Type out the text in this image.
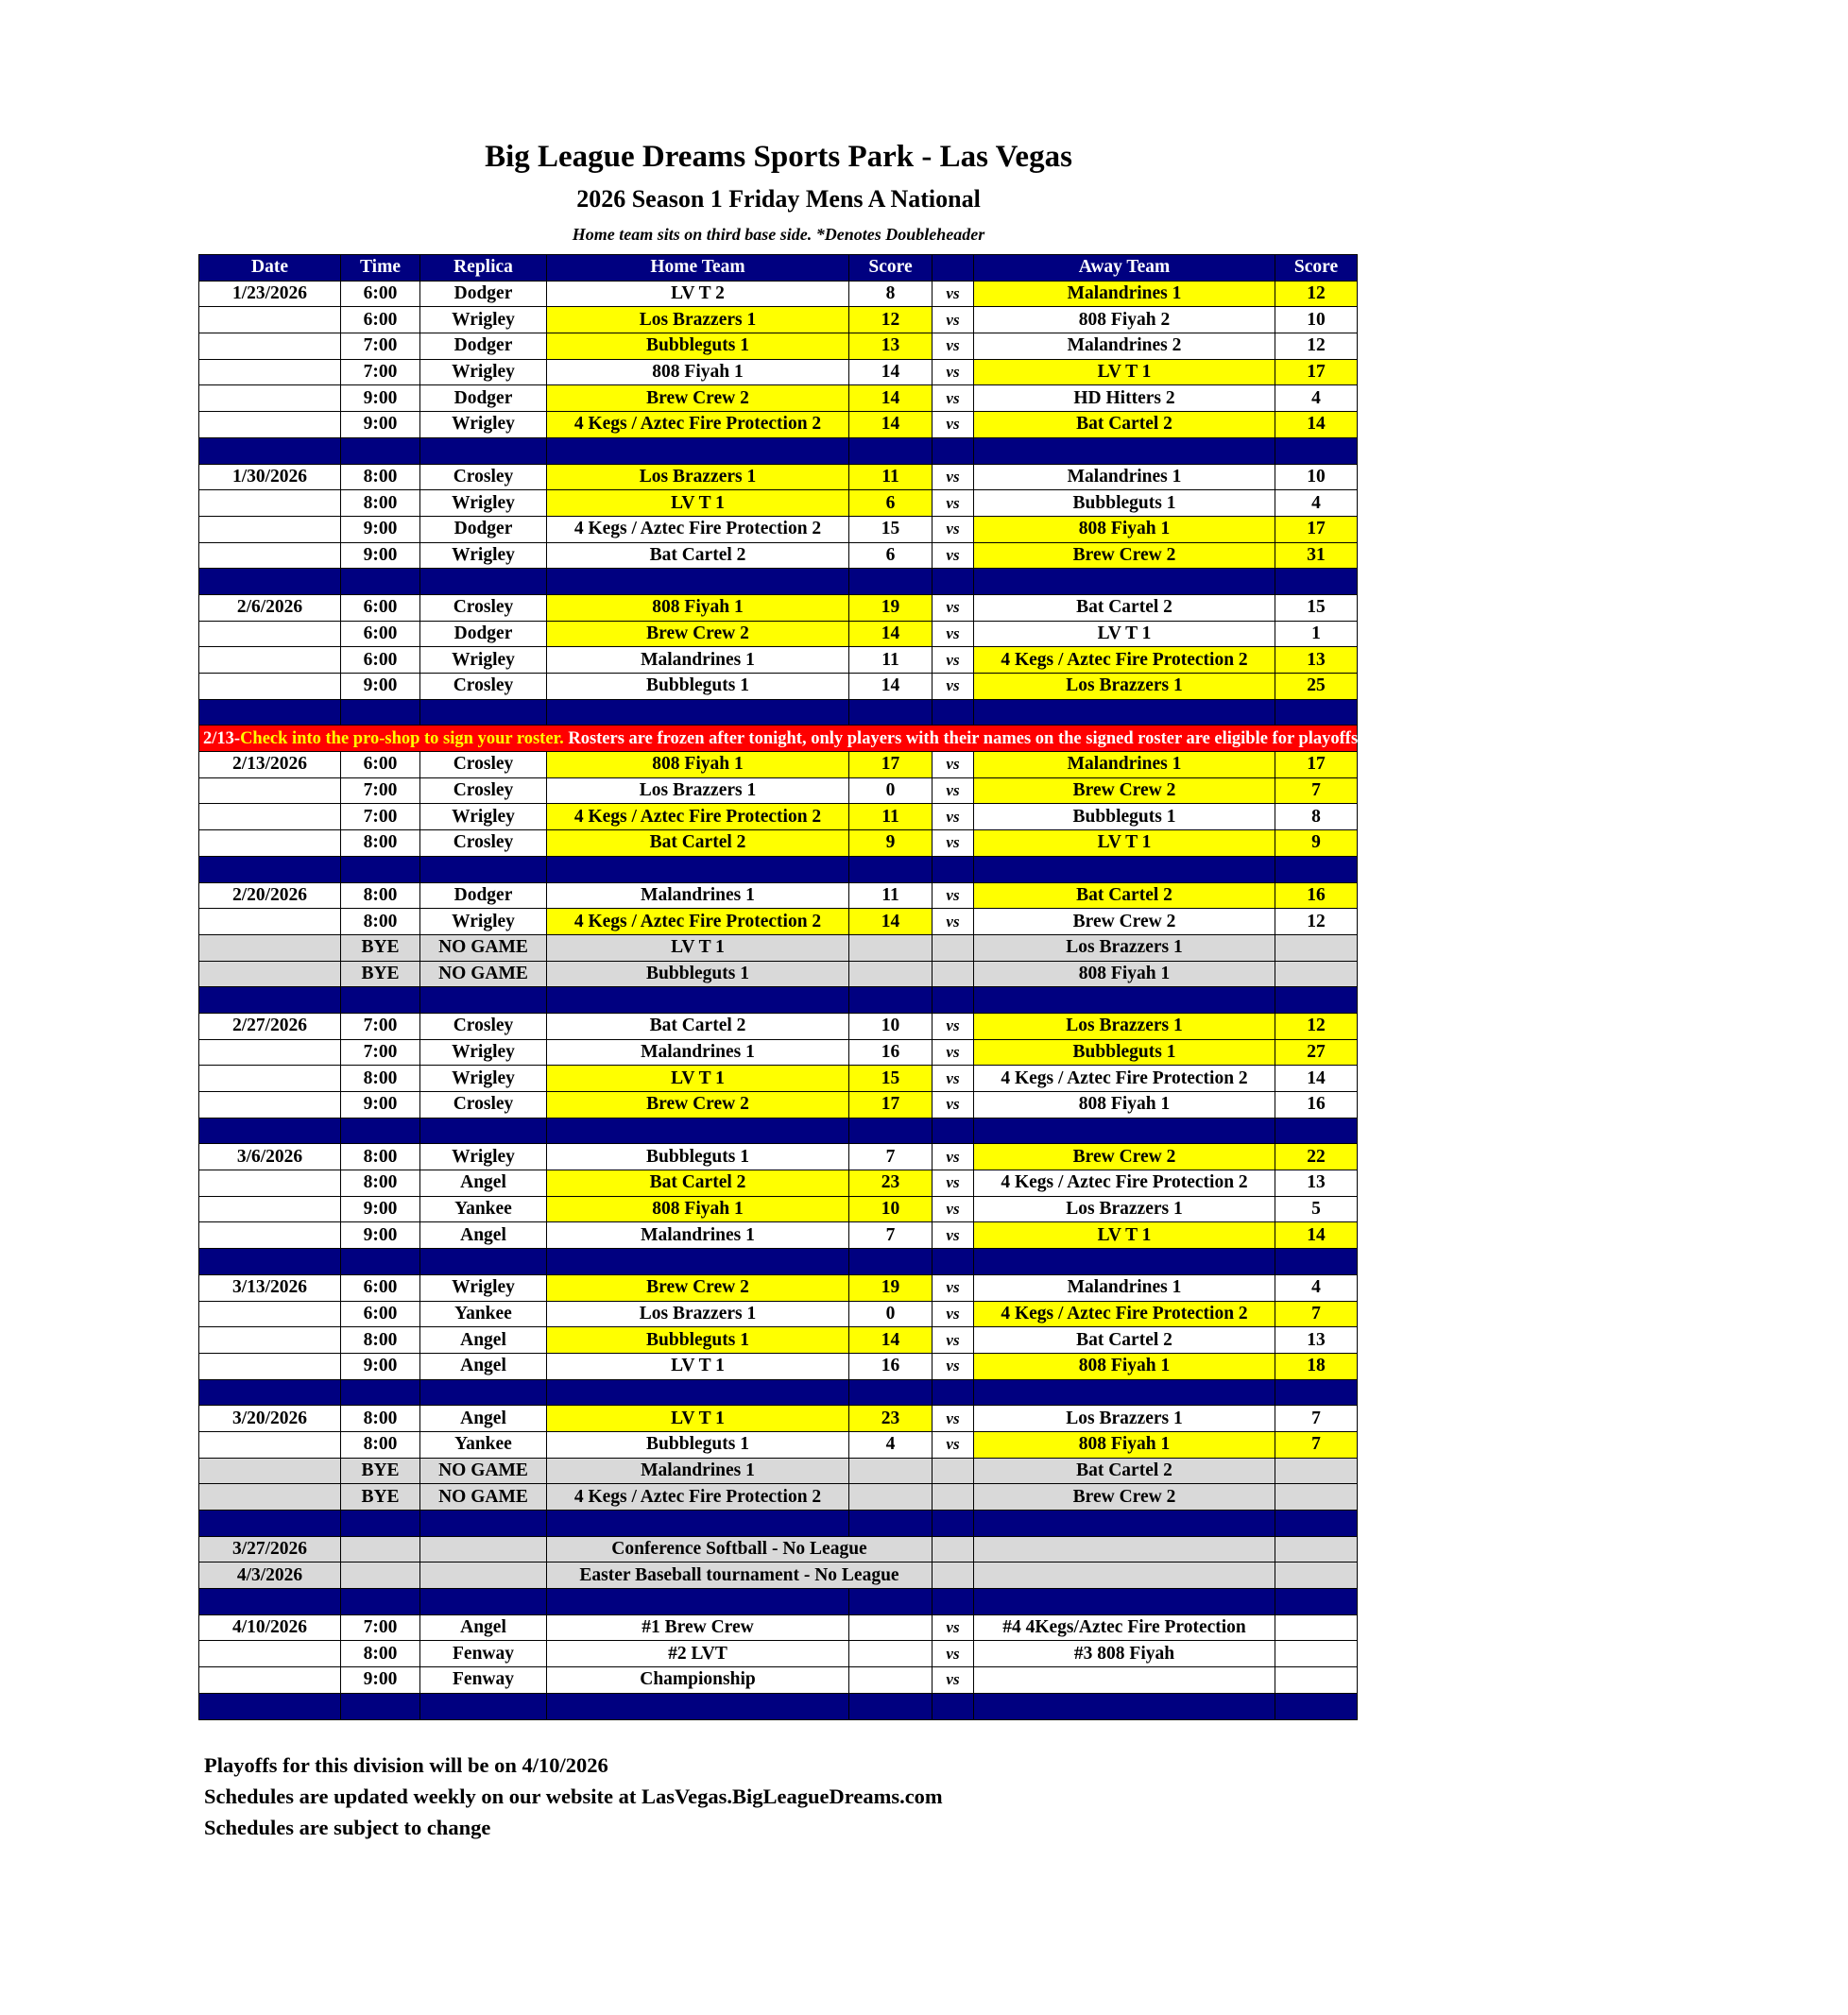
Big League Dreams Sports Park - Las Vegas
2026 Season 1 Friday Mens A National
Home team sits on third base side. *Denotes Doubleheader
Date	Time	Replica	Home Team	Score		Away Team	Score
1/23/2026	6:00	Dodger	LV T 2	8	vs	Malandrines 1	12
	6:00	Wrigley	Los Brazzers 1	12	vs	808 Fiyah 2	10
	7:00	Dodger	Bubbleguts 1	13	vs	Malandrines 2	12
	7:00	Wrigley	808 Fiyah 1	14	vs	LV T 1	17
	9:00	Dodger	Brew Crew 2	14	vs	HD Hitters 2	4
	9:00	Wrigley	4 Kegs / Aztec Fire Protection 2	14	vs	Bat Cartel 2	14

1/30/2026	8:00	Crosley	Los Brazzers 1	11	vs	Malandrines 1	10
	8:00	Wrigley	LV T 1	6	vs	Bubbleguts 1	4
	9:00	Dodger	4 Kegs / Aztec Fire Protection 2	15	vs	808 Fiyah 1	17
	9:00	Wrigley	Bat Cartel 2	6	vs	Brew Crew 2	31

2/6/2026	6:00	Crosley	808 Fiyah 1	19	vs	Bat Cartel 2	15
	6:00	Dodger	Brew Crew 2	14	vs	LV T 1	1
	6:00	Wrigley	Malandrines 1	11	vs	4 Kegs / Aztec Fire Protection 2	13
	9:00	Crosley	Bubbleguts 1	14	vs	Los Brazzers 1	25

2/13-Check into the pro-shop to sign your roster. Rosters are frozen after tonight, only players with their names on the signed roster are eligible for playoffs. Please check carefully as changes will not be made for omissions.							
2/13/2026	6:00	Crosley	808 Fiyah 1	17	vs	Malandrines 1	17
	7:00	Crosley	Los Brazzers 1	0	vs	Brew Crew 2	7
	7:00	Wrigley	4 Kegs / Aztec Fire Protection 2	11	vs	Bubbleguts 1	8
	8:00	Crosley	Bat Cartel 2	9	vs	LV T 1	9

2/20/2026	8:00	Dodger	Malandrines 1	11	vs	Bat Cartel 2	16
	8:00	Wrigley	4 Kegs / Aztec Fire Protection 2	14	vs	Brew Crew 2	12
	BYE	NO GAME	LV T 1			Los Brazzers 1	
	BYE	NO GAME	Bubbleguts 1			808 Fiyah 1	

2/27/2026	7:00	Crosley	Bat Cartel 2	10	vs	Los Brazzers 1	12
	7:00	Wrigley	Malandrines 1	16	vs	Bubbleguts 1	27
	8:00	Wrigley	LV T 1	15	vs	4 Kegs / Aztec Fire Protection 2	14
	9:00	Crosley	Brew Crew 2	17	vs	808 Fiyah 1	16

3/6/2026	8:00	Wrigley	Bubbleguts 1	7	vs	Brew Crew 2	22
	8:00	Angel	Bat Cartel 2	23	vs	4 Kegs / Aztec Fire Protection 2	13
	9:00	Yankee	808 Fiyah 1	10	vs	Los Brazzers 1	5
	9:00	Angel	Malandrines 1	7	vs	LV T 1	14

3/13/2026	6:00	Wrigley	Brew Crew 2	19	vs	Malandrines 1	4
	6:00	Yankee	Los Brazzers 1	0	vs	4 Kegs / Aztec Fire Protection 2	7
	8:00	Angel	Bubbleguts 1	14	vs	Bat Cartel 2	13
	9:00	Angel	LV T 1	16	vs	808 Fiyah 1	18

3/20/2026	8:00	Angel	LV T 1	23	vs	Los Brazzers 1	7
	8:00	Yankee	Bubbleguts 1	4	vs	808 Fiyah 1	7
	BYE	NO GAME	Malandrines 1			Bat Cartel 2	
	BYE	NO GAME	4 Kegs / Aztec Fire Protection 2			Brew Crew 2	

3/27/2026			Conference Softball - No League				
4/3/2026			Easter Baseball tournament - No League				

4/10/2026	7:00	Angel	#1 Brew Crew		vs	#4 4Kegs/Aztec Fire Protection	
	8:00	Fenway	#2 LVT		vs	#3 808 Fiyah	
	9:00	Fenway	Championship		vs		

Playoffs for this division will be on 4/10/2026
Schedules are updated weekly on our website at LasVegas.BigLeagueDreams.com
Schedules are subject to change
